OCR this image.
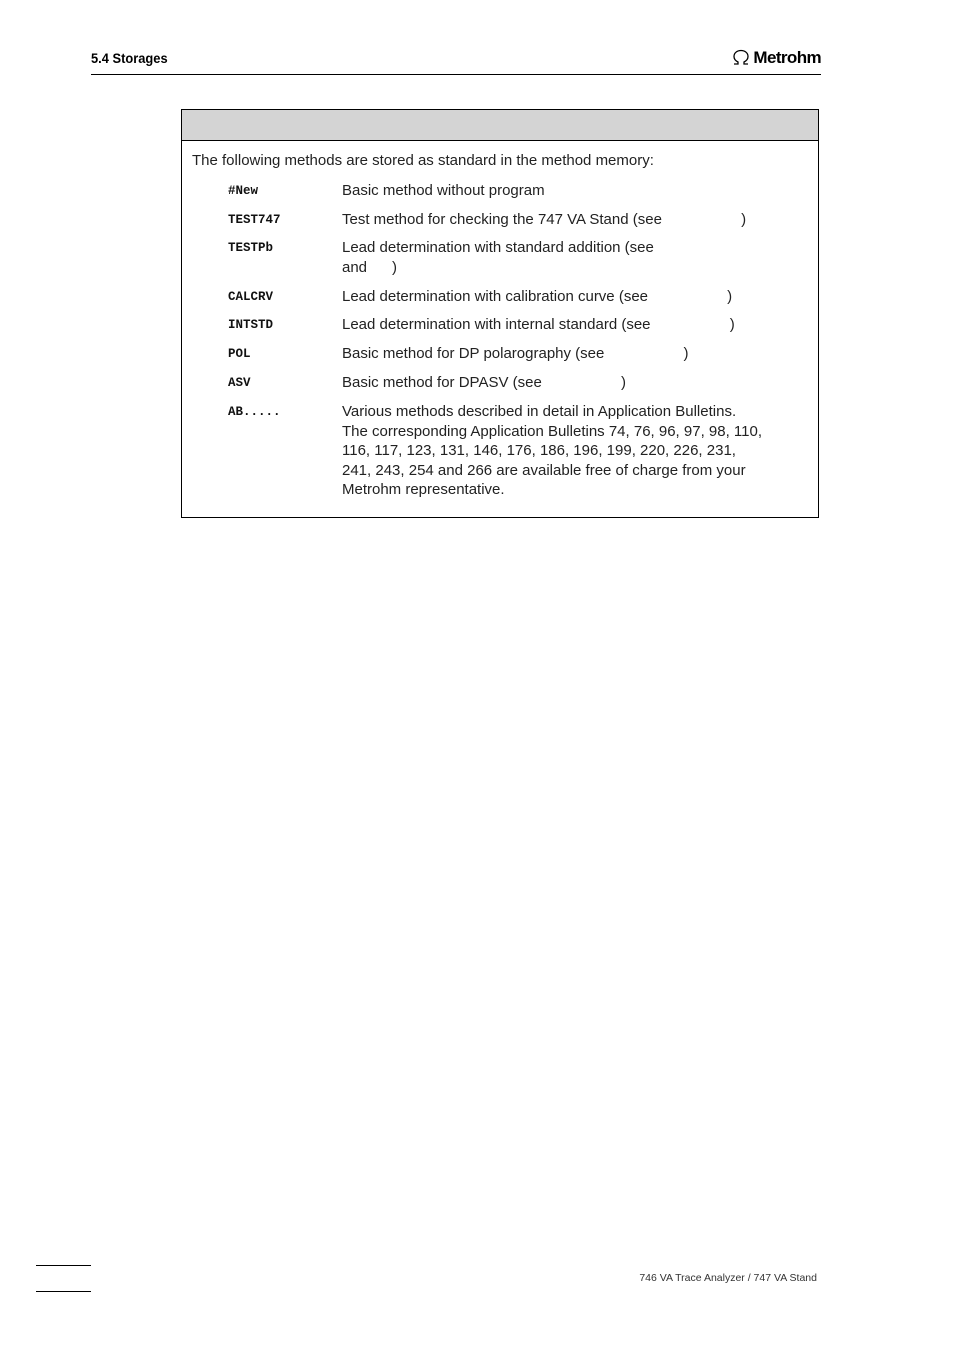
5.4 Storages	Metrohm
The following methods are stored as standard in the method memory:
#New	Basic method without program
TEST747	Test method for checking the 747 VA Stand (see                   )
TESTPb	Lead determination with standard addition (see
and      )
CALCRV	Lead determination with calibration curve (see                   )
INTSTD	Lead determination with internal standard (see                   )
POL	Basic method for DP polarography (see                   )
ASV	Basic method for DPASV (see                   )
AB.....	Various methods described in detail in Application Bulletins. The corresponding Application Bulletins 74, 76, 96, 97, 98, 110, 116, 117, 123, 131, 146, 176, 186, 196, 199, 220, 226, 231, 241, 243, 254 and 266 are available free of charge from your Metrohm representative.
746 VA Trace Analyzer / 747 VA Stand
